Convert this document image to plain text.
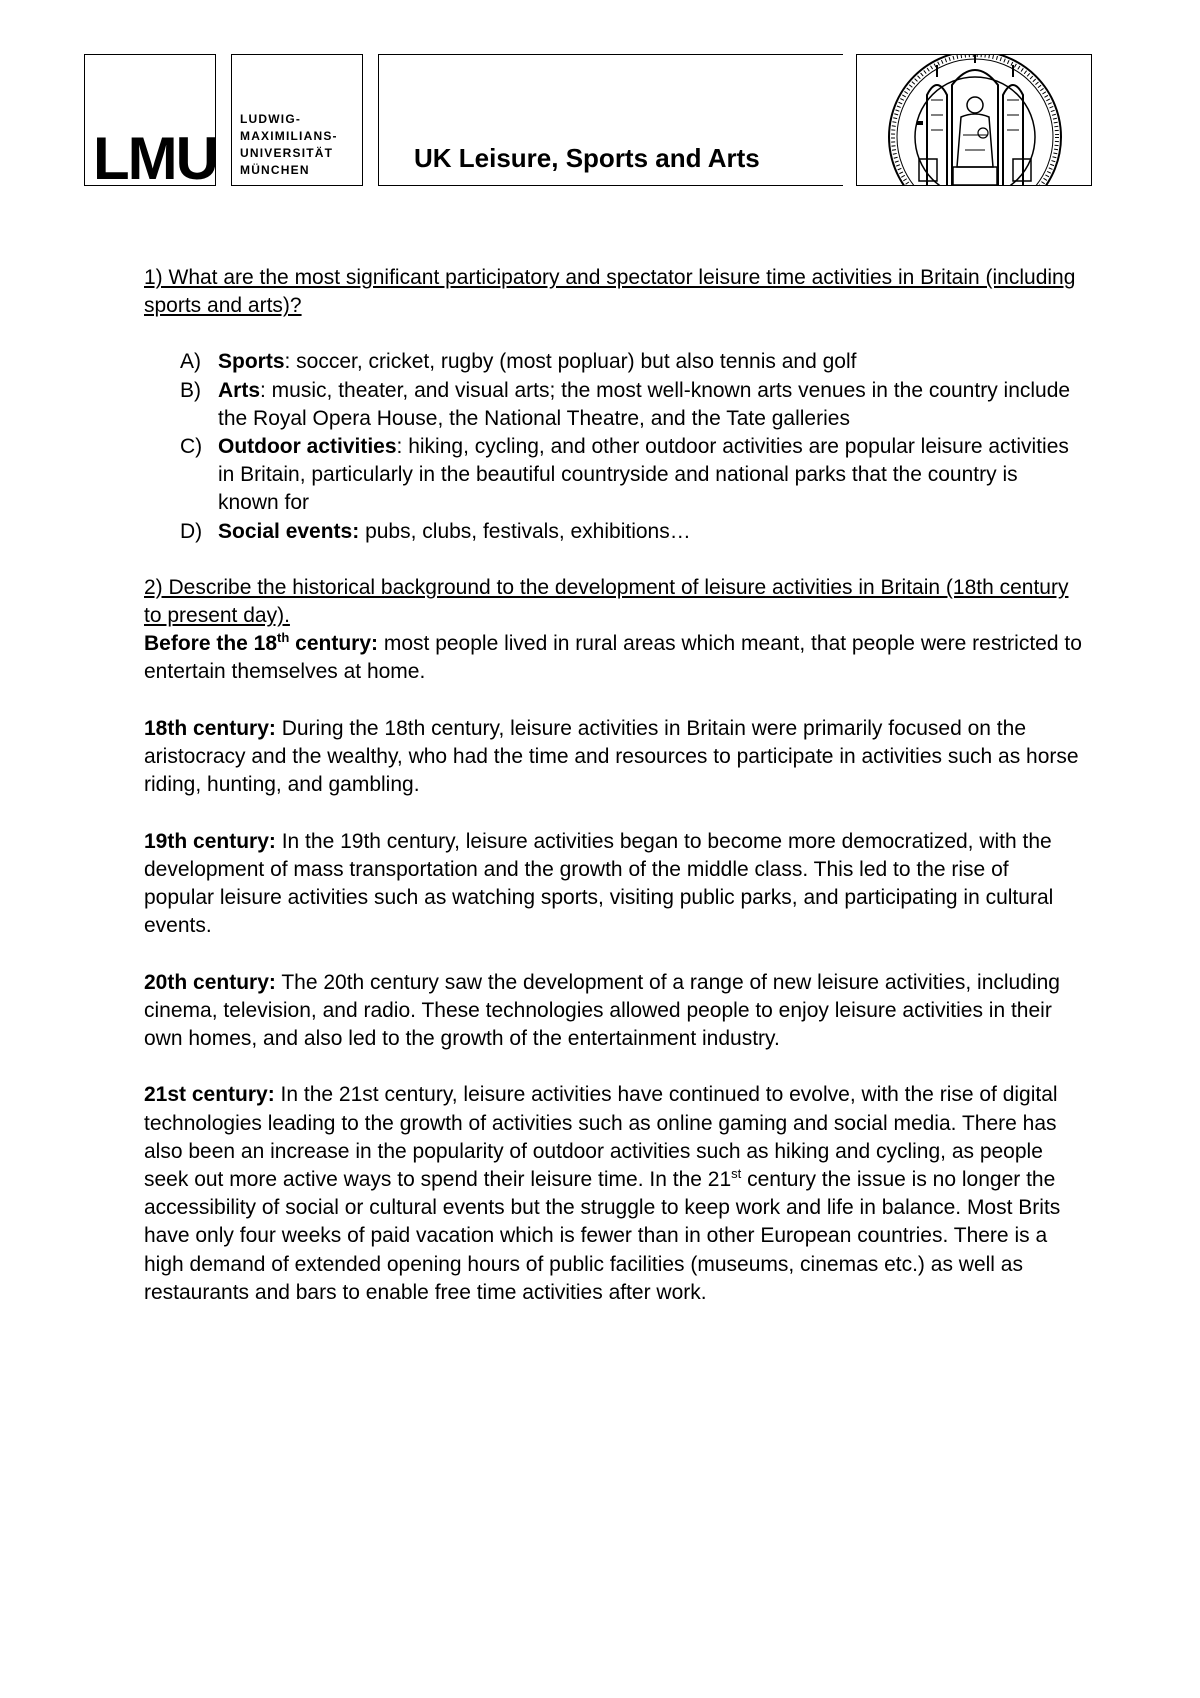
LMU
LUDWIG-
MAXIMILIANS-
UNIVERSITÄT
MÜNCHEN	UK Leisure, Sports and Arts

1) What are the most significant participatory and spectator leisure time activities in Britain (including sports and arts)?

A) Sports: soccer, cricket, rugby (most popluar) but also tennis and golf
B) Arts: music, theater, and visual arts; the most well-known arts venues in the country include the Royal Opera House, the National Theatre, and the Tate galleries
C) Outdoor activities: hiking, cycling, and other outdoor activities are popular leisure activities in Britain, particularly in the beautiful countryside and national parks that the country is known for
D) Social events: pubs, clubs, festivals, exhibitions…

2) Describe the historical background to the development of leisure activities in Britain (18th century to present day).

Before the 18th century: most people lived in rural areas which meant, that people were restricted to entertain themselves at home.

18th century: During the 18th century, leisure activities in Britain were primarily focused on the aristocracy and the wealthy, who had the time and resources to participate in activities such as horse riding, hunting, and gambling.

19th century: In the 19th century, leisure activities began to become more democratized, with the development of mass transportation and the growth of the middle class. This led to the rise of popular leisure activities such as watching sports, visiting public parks, and participating in cultural events.

20th century: The 20th century saw the development of a range of new leisure activities, including cinema, television, and radio. These technologies allowed people to enjoy leisure activities in their own homes, and also led to the growth of the entertainment industry.

21st century: In the 21st century, leisure activities have continued to evolve, with the rise of digital technologies leading to the growth of activities such as online gaming and social media. There has also been an increase in the popularity of outdoor activities such as hiking and cycling, as people seek out more active ways to spend their leisure time. In the 21st century the issue is no longer the accessibility of social or cultural events but the struggle to keep work and life in balance. Most Brits have only four weeks of paid vacation which is fewer than in other European countries. There is a high demand of extended opening hours of public facilities (museums, cinemas etc.) as well as restaurants and bars to enable free time activities after work.
